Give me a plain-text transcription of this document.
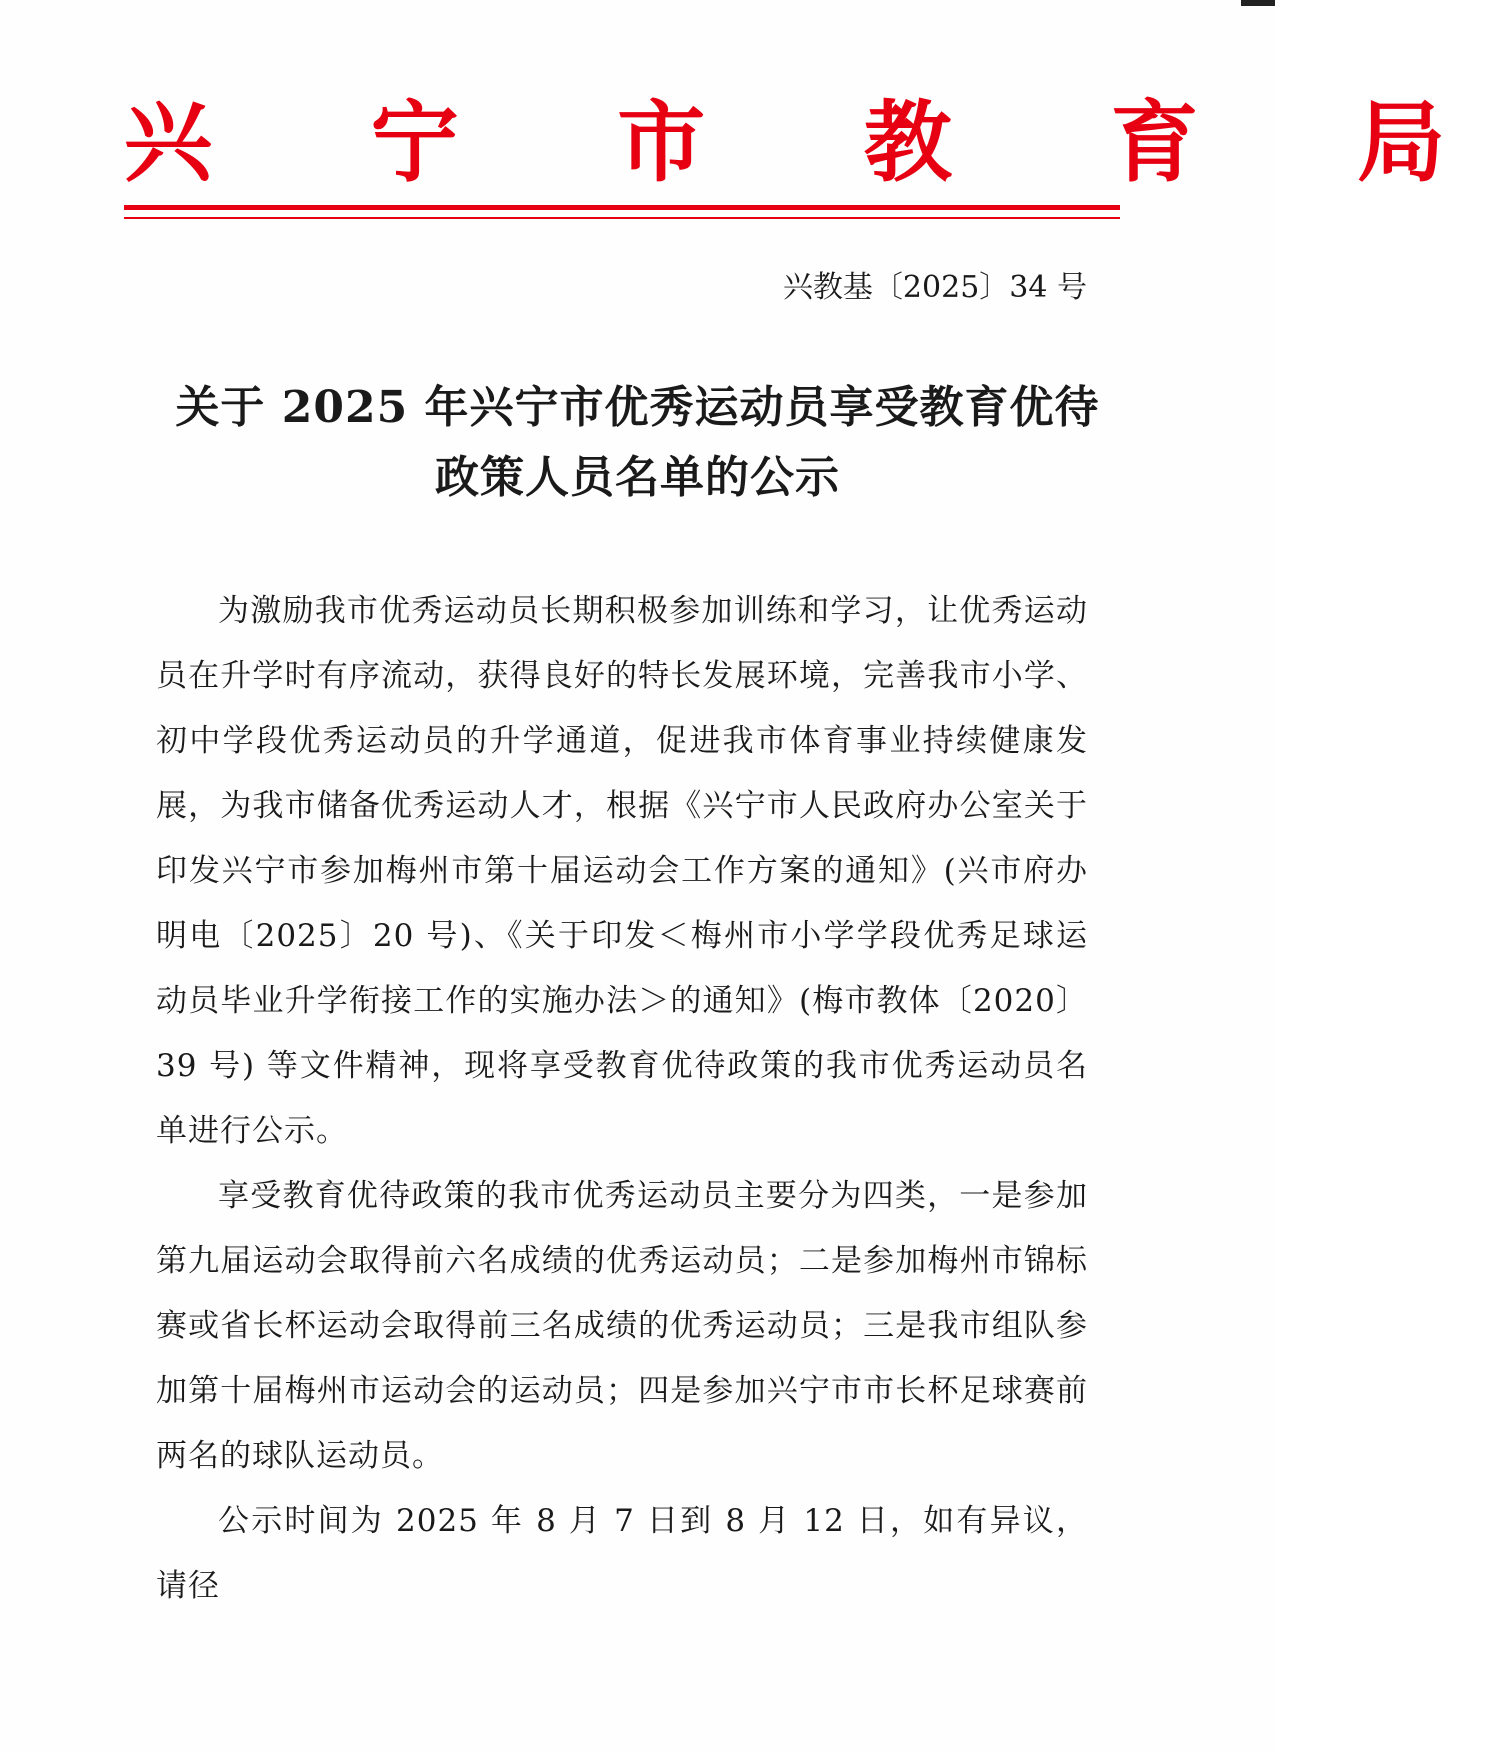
兴 宁 市 教 育 局
兴教基〔2025〕34 号
关于 2025 年兴宁市优秀运动员享受教育优待
政策人员名单的公示

为激励我市优秀运动员长期积极参加训练和学习，让优秀运动员在升学时有序流动，获得良好的特长发展环境，完善我市小学、初中学段优秀运动员的升学通道，促进我市体育事业持续健康发展，为我市储备优秀运动人才，根据《兴宁市人民政府办公室关于印发兴宁市参加梅州市第十届运动会工作方案的通知》(兴市府办明电〔2025〕20 号)、《关于印发＜梅州市小学学段优秀足球运动员毕业升学衔接工作的实施办法＞的通知》(梅市教体〔2020〕39 号) 等文件精神，现将享受教育优待政策的我市优秀运动员名单进行公示。

享受教育优待政策的我市优秀运动员主要分为四类，一是参加第九届运动会取得前六名成绩的优秀运动员；二是参加梅州市锦标赛或省长杯运动会取得前三名成绩的优秀运动员；三是我市组队参加第十届梅州市运动会的运动员；四是参加兴宁市市长杯足球赛前两名的球队运动员。

公示时间为 2025 年 8 月 7 日到 8 月 12 日，如有异议，请径
